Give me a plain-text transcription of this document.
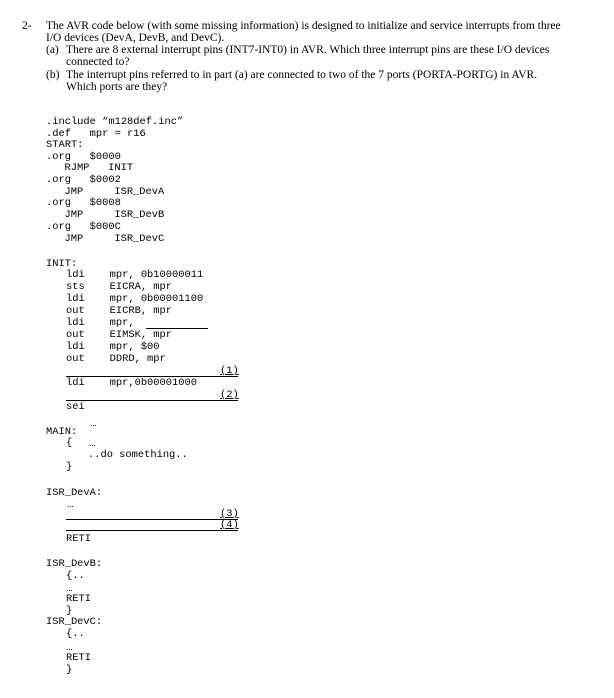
2- The AVR code below (with some missing information) is designed to initialize and service interrupts from three
I/O devices (DevA, DevB, and DevC).
(a) There are 8 external interrupt pins (INT7-INT0) in AVR. Which three interrupt pins are these I/O devices
connected to?
(b) The interrupt pins referred to in part (a) are connected to two of the 7 ports (PORTA-PORTG) in AVR.
Which ports are they?
.include “m128def.inc”
.def   mpr = r16
START:
.org   $0000
RJMP   INIT
.org   $0002
JMP     ISR_DevA
.org   $0008
JMP     ISR_DevB
.org   $000C
JMP     ISR_DevC
INIT:
ldi    mpr, 0b10000011
sts    EICRA, mpr
ldi    mpr, 0b00001100
out    EICRB, mpr
ldi    mpr,
out    EIMSK, mpr
ldi    mpr, $00
out    DDRD, mpr
(1)
ldi    mpr,0b00001000
(2)
sei
...
MAIN:
{ ...
..do something..
}
ISR_DevA:
...
(3)
(4)
RETI
ISR_DevB:
{..
...
RETI
}
ISR_DevC:
{..
...
RETI
}
